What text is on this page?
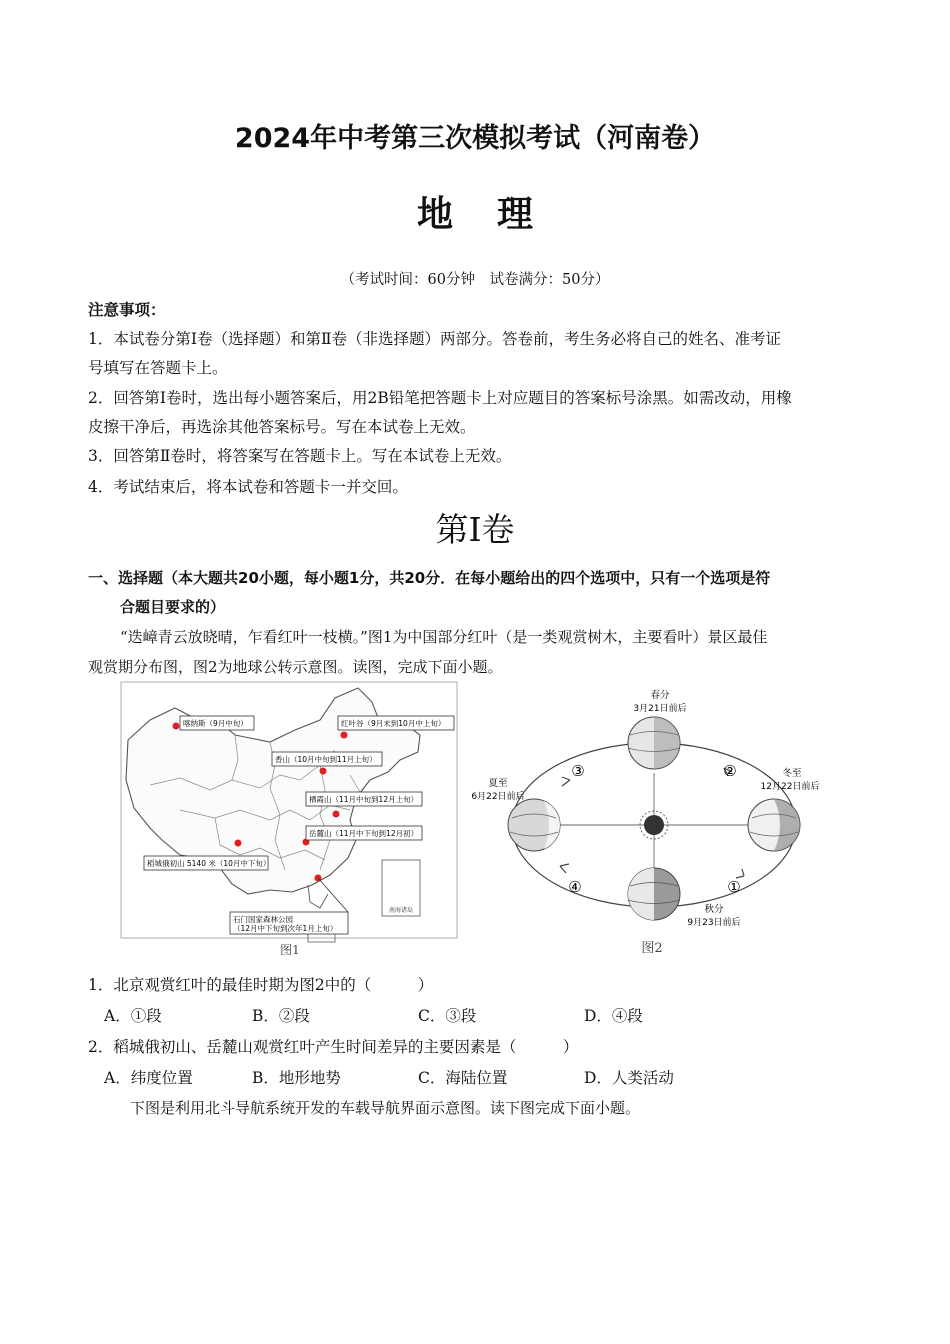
2024年中考第三次模拟考试（河南卷）
地理
（考试时间：60分钟　试卷满分：50分）
注意事项：
1．本试卷分第Ⅰ卷（选择题）和第Ⅱ卷（非选择题）两部分。答卷前，考生务必将自己的姓名、准考证
号填写在答题卡上。
2．回答第Ⅰ卷时，选出每小题答案后，用2B铅笔把答题卡上对应题目的答案标号涂黑。如需改动，用橡
皮擦干净后，再选涂其他答案标号。写在本试卷上无效。
3．回答第Ⅱ卷时，将答案写在答题卡上。写在本试卷上无效。
4．考试结束后，将本试卷和答题卡一并交回。
第Ⅰ卷
一、选择题（本大题共20小题，每小题1分，共20分．在每小题给出的四个选项中，只有一个选项是符
合题目要求的）
“迭嶂青云放晓晴，乍看红叶一枝横。”图1为中国部分红叶（是一类观赏树木，主要看叶）景区最佳
观赏期分布图，图2为地球公转示意图。读图，完成下面小题。
南海诸岛
喀纳斯（9月中旬）	红叶谷（9月末到10月中上旬）
香山（10月中旬到11月上旬）
栖霞山（11月中旬到12月上旬）
岳麓山（11月中下旬到12月初）
稻城俄初山 5140 米（10月中下旬）
石门国家森林公园
（12月中下旬到次年1月上旬）
图1
春分
3月21日前后
夏至
6月22日前后
冬至
12月22日前后
秋分
9月23日前后
①
②
③
④
图2
1．北京观赏红叶的最佳时期为图2中的（　　　）
A．①段	B．②段	C．③段	D．④段
2．稻城俄初山、岳麓山观赏红叶产生时间差异的主要因素是（　　　）
A．纬度位置	B．地形地势	C．海陆位置	D．人类活动
下图是利用北斗导航系统开发的车载导航界面示意图。读下图完成下面小题。
